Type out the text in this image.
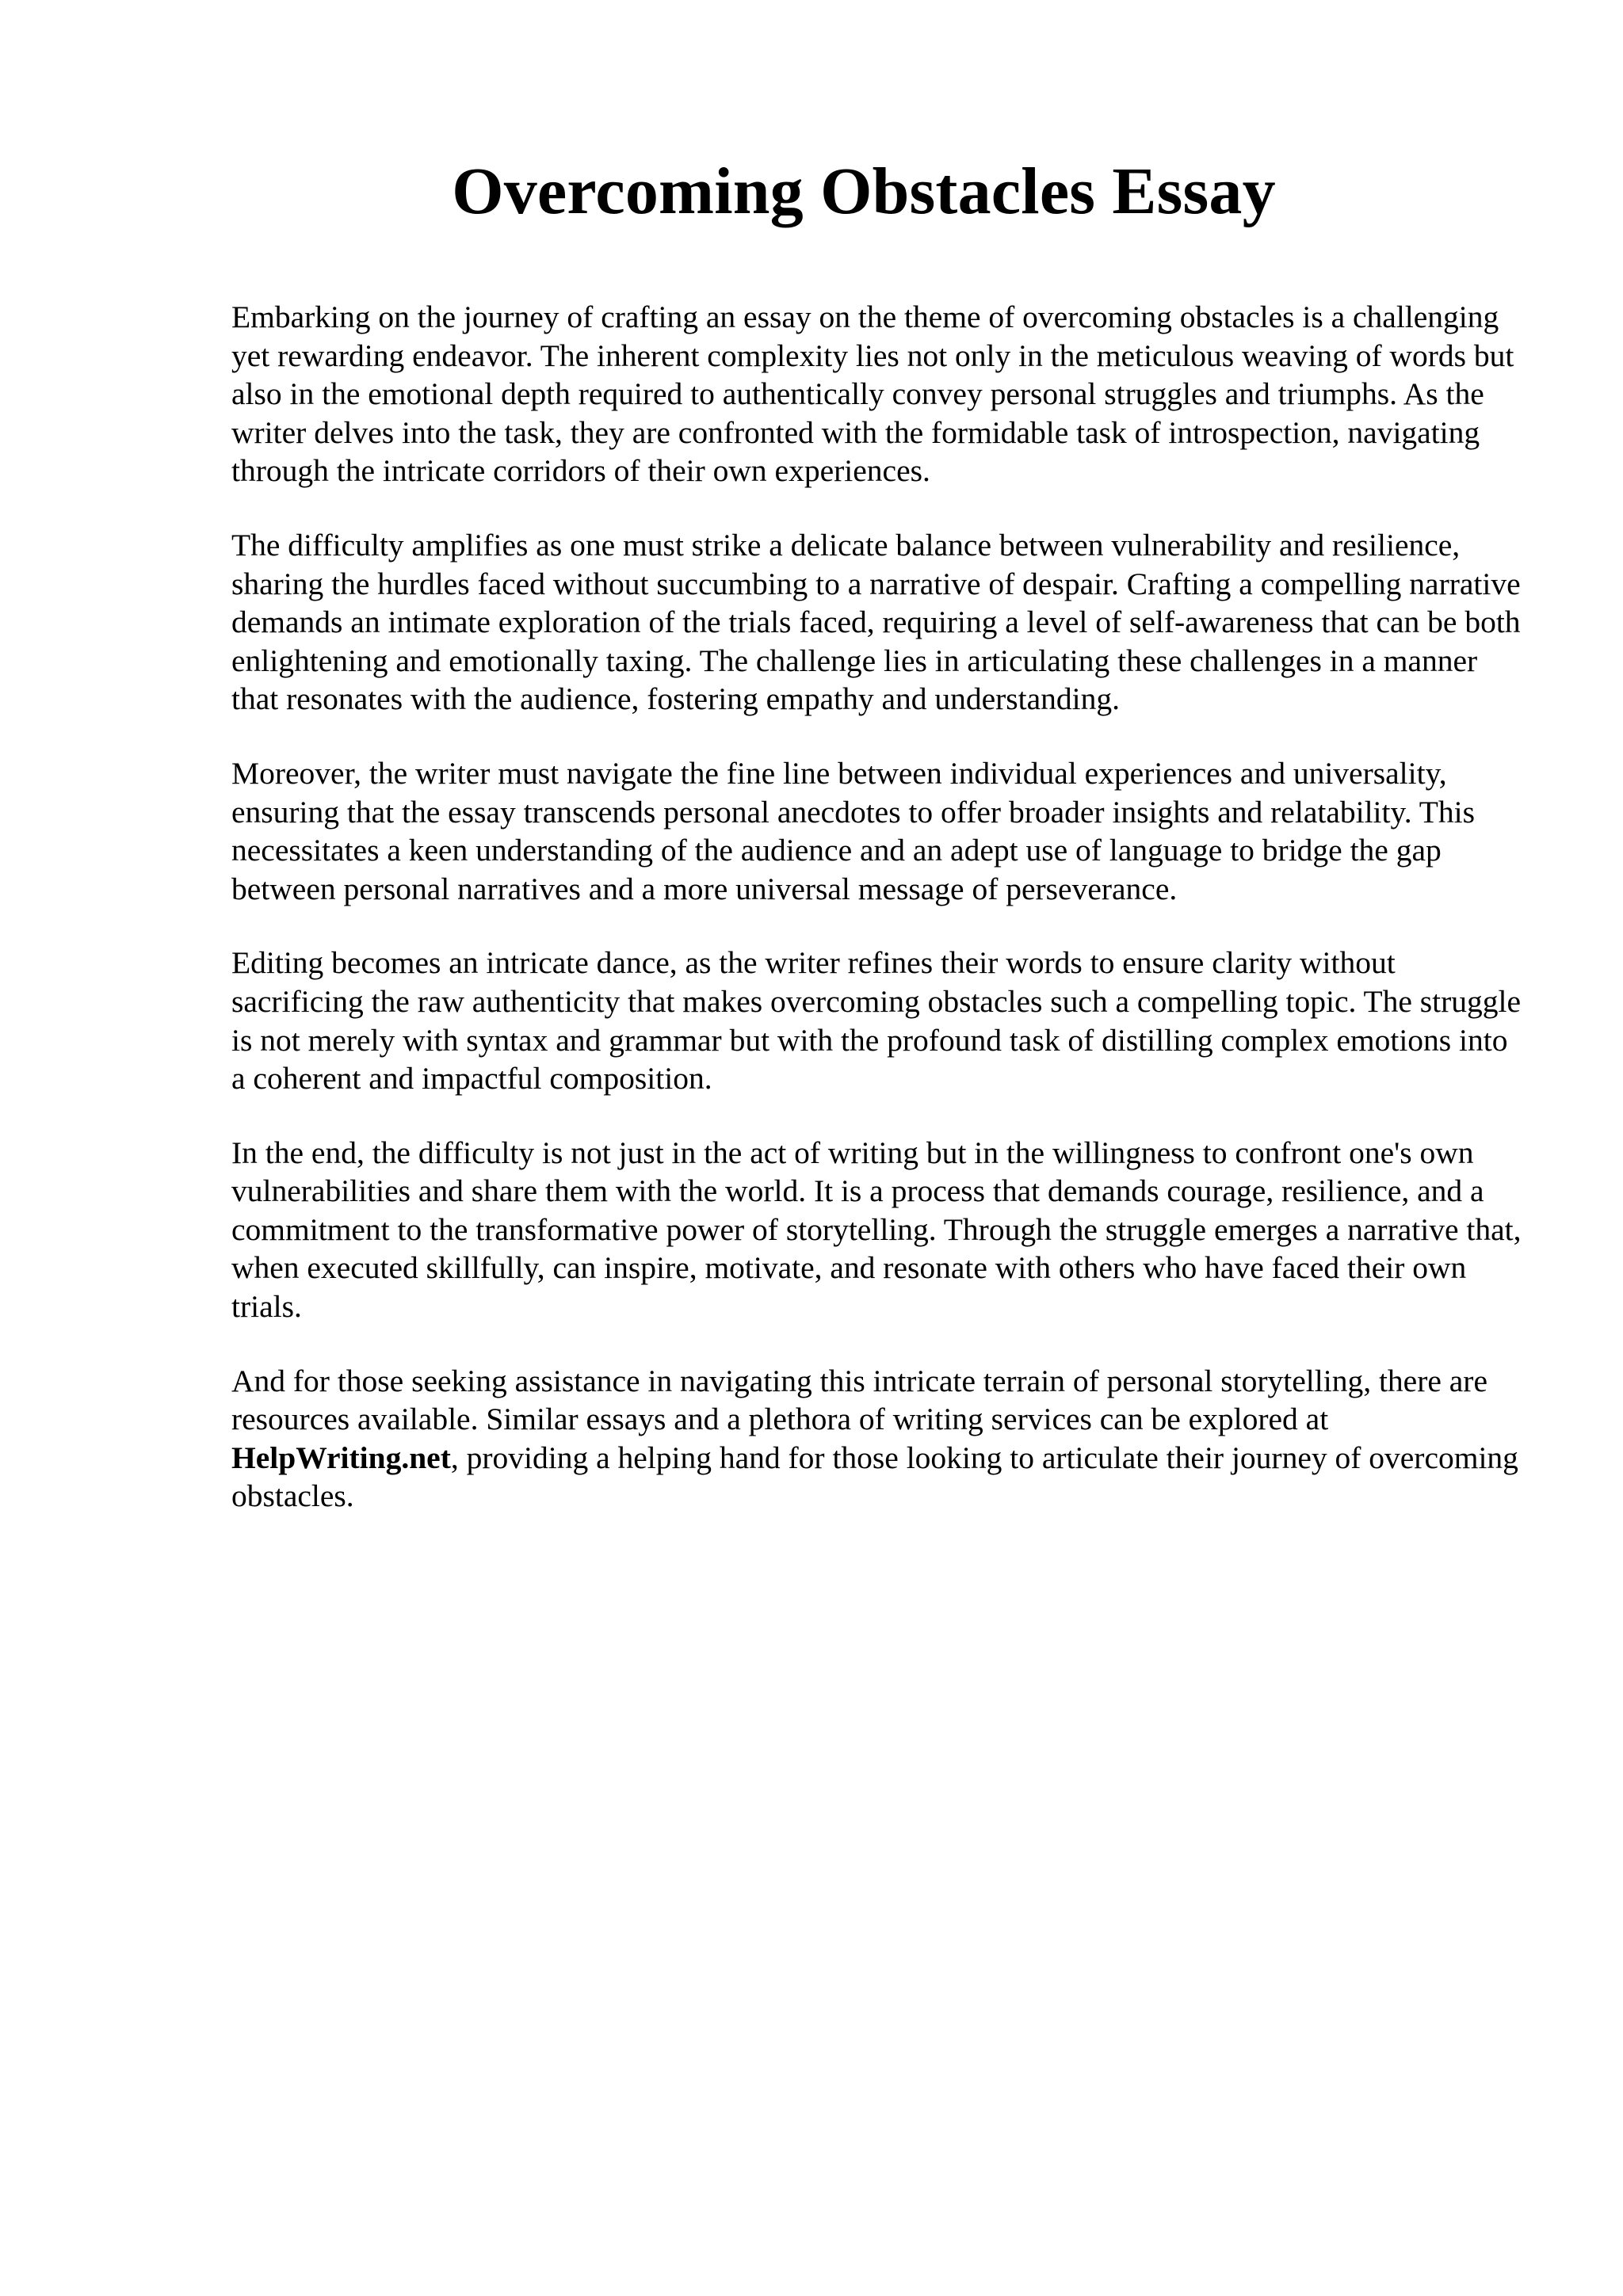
Overcoming Obstacles Essay

Embarking on the journey of crafting an essay on the theme of overcoming obstacles is a challenging yet rewarding endeavor. The inherent complexity lies not only in the meticulous weaving of words but also in the emotional depth required to authentically convey personal struggles and triumphs. As the writer delves into the task, they are confronted with the formidable task of introspection, navigating through the intricate corridors of their own experiences.

The difficulty amplifies as one must strike a delicate balance between vulnerability and resilience, sharing the hurdles faced without succumbing to a narrative of despair. Crafting a compelling narrative demands an intimate exploration of the trials faced, requiring a level of self-awareness that can be both enlightening and emotionally taxing. The challenge lies in articulating these challenges in a manner that resonates with the audience, fostering empathy and understanding.

Moreover, the writer must navigate the fine line between individual experiences and universality, ensuring that the essay transcends personal anecdotes to offer broader insights and relatability. This necessitates a keen understanding of the audience and an adept use of language to bridge the gap between personal narratives and a more universal message of perseverance.

Editing becomes an intricate dance, as the writer refines their words to ensure clarity without sacrificing the raw authenticity that makes overcoming obstacles such a compelling topic. The struggle is not merely with syntax and grammar but with the profound task of distilling complex emotions into a coherent and impactful composition.

In the end, the difficulty is not just in the act of writing but in the willingness to confront one's own vulnerabilities and share them with the world. It is a process that demands courage, resilience, and a commitment to the transformative power of storytelling. Through the struggle emerges a narrative that, when executed skillfully, can inspire, motivate, and resonate with others who have faced their own trials.

And for those seeking assistance in navigating this intricate terrain of personal storytelling, there are resources available. Similar essays and a plethora of writing services can be explored at HelpWriting.net, providing a helping hand for those looking to articulate their journey of overcoming obstacles.
